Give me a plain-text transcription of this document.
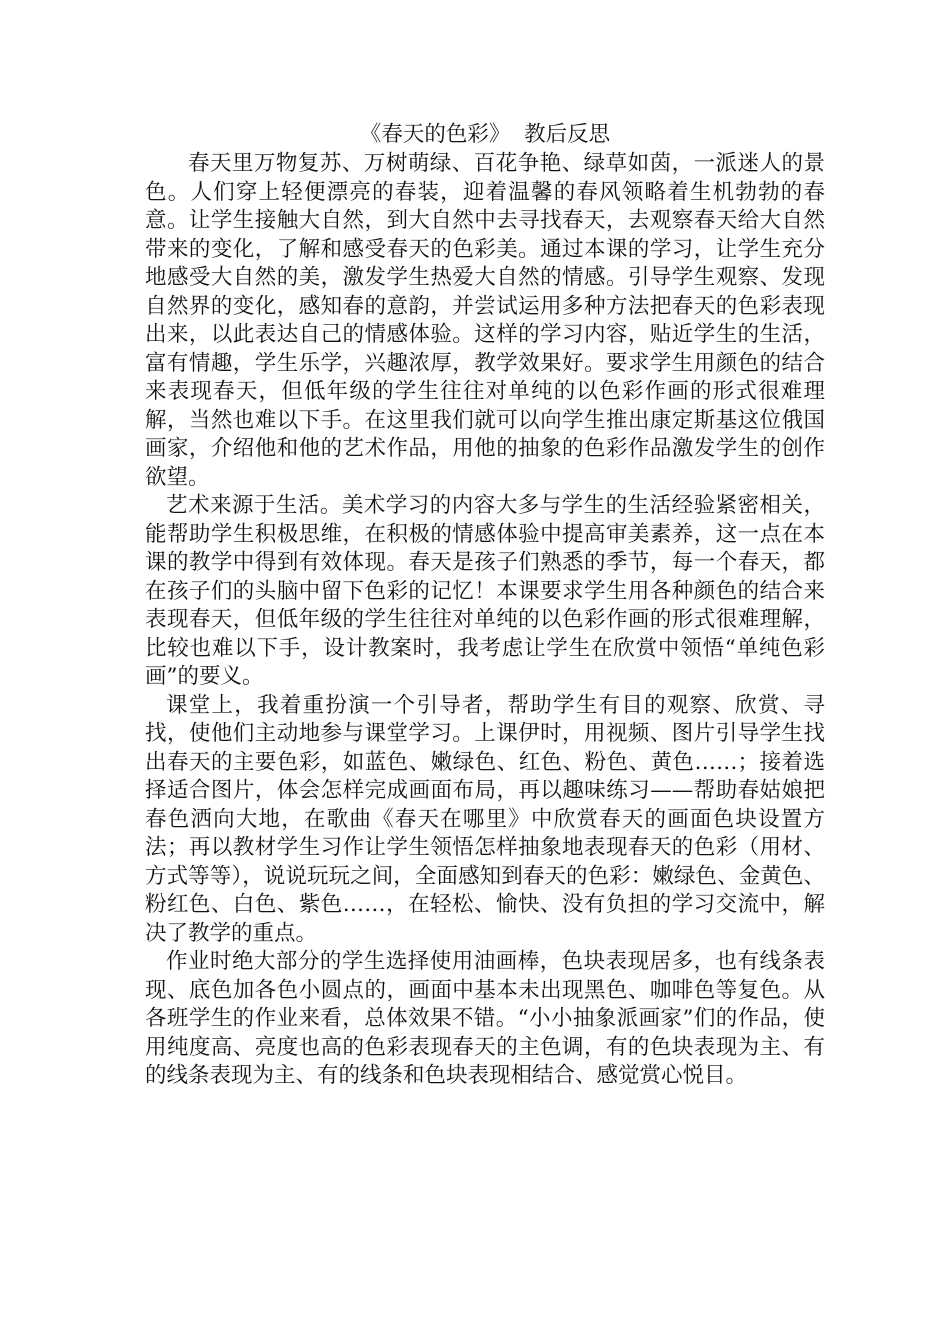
《春天的色彩》  教后反思

春天里万物复苏、万树萌绿、百花争艳、绿草如茵，一派迷人的景色。人们穿上轻便漂亮的春装，迎着温馨的春风领略着生机勃勃的春意。让学生接触大自然，到大自然中去寻找春天，去观察春天给大自然带来的变化，了解和感受春天的色彩美。通过本课的学习，让学生充分地感受大自然的美，激发学生热爱大自然的情感。引导学生观察、发现自然界的变化，感知春的意韵，并尝试运用多种方法把春天的色彩表现出来，以此表达自己的情感体验。这样的学习内容，贴近学生的生活，富有情趣，学生乐学，兴趣浓厚，教学效果好。要求学生用颜色的结合来表现春天，但低年级的学生往往对单纯的以色彩作画的形式很难理解，当然也难以下手。在这里我们就可以向学生推出康定斯基这位俄国画家，介绍他和他的艺术作品，用他的抽象的色彩作品激发学生的创作欲望。

艺术来源于生活。美术学习的内容大多与学生的生活经验紧密相关，能帮助学生积极思维，在积极的情感体验中提高审美素养，这一点在本课的教学中得到有效体现。春天是孩子们熟悉的季节，每一个春天，都在孩子们的头脑中留下色彩的记忆！本课要求学生用各种颜色的结合来表现春天，但低年级的学生往往对单纯的以色彩作画的形式很难理解，比较也难以下手，设计教案时，我考虑让学生在欣赏中领悟“单纯色彩画”的要义。

课堂上，我着重扮演一个引导者，帮助学生有目的观察、欣赏、寻找，使他们主动地参与课堂学习。上课伊时，用视频、图片引导学生找出春天的主要色彩，如蓝色、嫩绿色、红色、粉色、黄色……；接着选择适合图片，体会怎样完成画面布局，再以趣味练习——帮助春姑娘把春色洒向大地，在歌曲《春天在哪里》中欣赏春天的画面色块设置方法；再以教材学生习作让学生领悟怎样抽象地表现春天的色彩（用材、方式等等），说说玩玩之间，全面感知到春天的色彩：嫩绿色、金黄色、粉红色、白色、紫色……，在轻松、愉快、没有负担的学习交流中，解决了教学的重点。

作业时绝大部分的学生选择使用油画棒，色块表现居多，也有线条表现、底色加各色小圆点的，画面中基本未出现黑色、咖啡色等复色。从各班学生的作业来看，总体效果不错。“小小抽象派画家”们的作品，使用纯度高、亮度也高的色彩表现春天的主色调，有的色块表现为主、有的线条表现为主、有的线条和色块表现相结合、感觉赏心悦目。
